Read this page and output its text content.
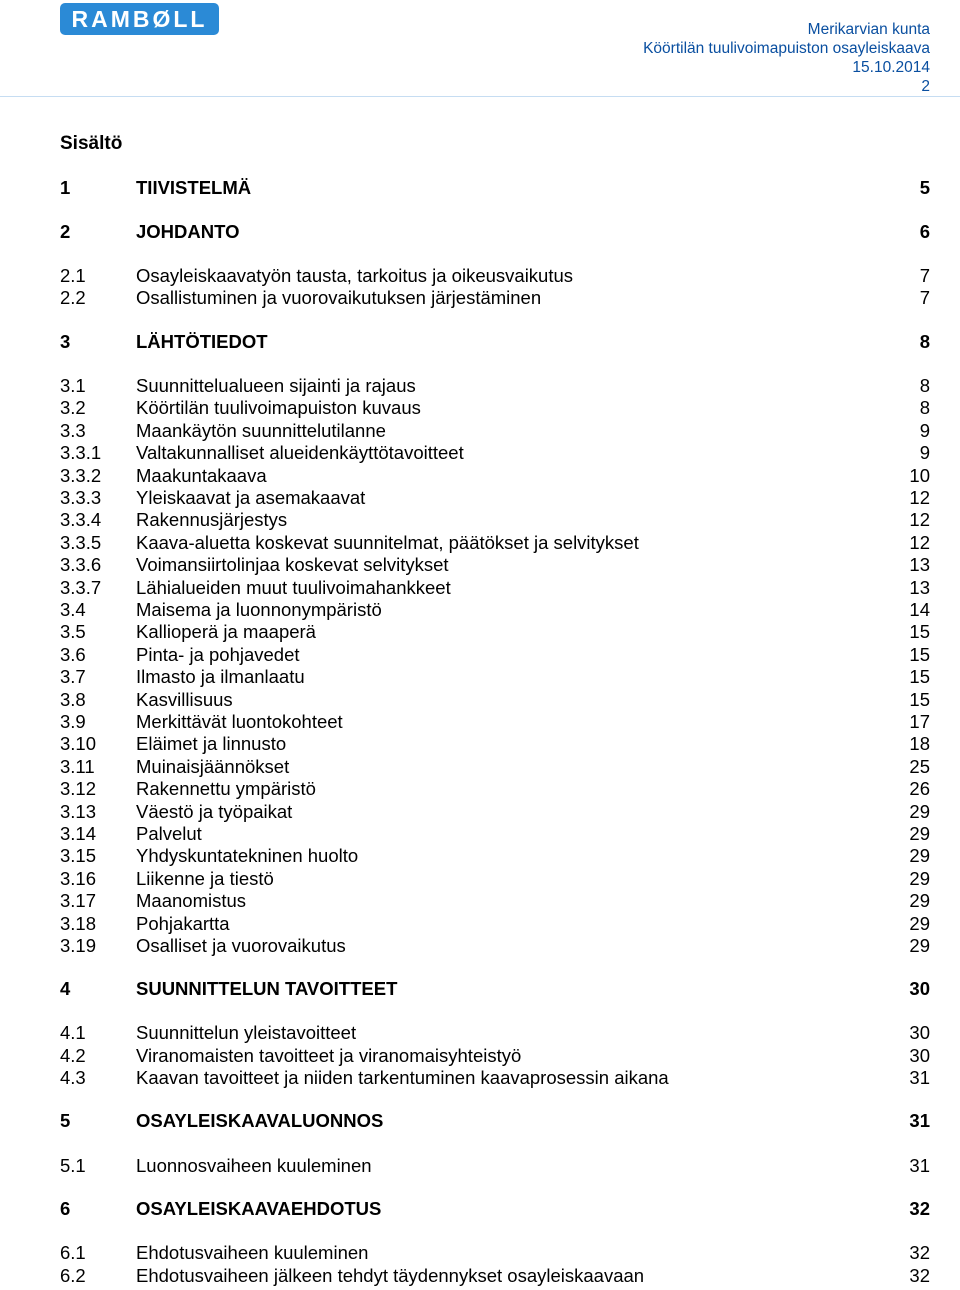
RAMBØLL	Merikarvian kunta
Köörtilän tuulivoimapuiston osayleiskaava
15.10.2014
2
Sisältö
1	TIIVISTELMÄ	5
2	JOHDANTO	6
2.1	Osayleiskaavatyön tausta, tarkoitus ja oikeusvaikutus	7
2.2	Osallistuminen ja vuorovaikutuksen järjestäminen	7
3	LÄHTÖTIEDOT	8
3.1	Suunnittelualueen sijainti ja rajaus	8
3.2	Köörtilän tuulivoimapuiston kuvaus	8
3.3	Maankäytön suunnittelutilanne	9
3.3.1 Valtakunnalliset alueidenkäyttötavoitteet	9
3.3.2 Maakuntakaava	10
3.3.3 Yleiskaavat ja asemakaavat	12
3.3.4 Rakennusjärjestys	12
3.3.5 Kaava-aluetta koskevat suunnitelmat, päätökset ja selvitykset	12
3.3.6 Voimansiirtolinjaa koskevat selvitykset	13
3.3.7 Lähialueiden muut tuulivoimahankkeet	13
3.4	Maisema ja luonnonympäristö	14
3.5	Kallioperä ja maaperä	15
3.6	Pinta- ja pohjavedet	15
3.7	Ilmasto ja ilmanlaatu	15
3.8	Kasvillisuus	15
3.9	Merkittävät luontokohteet	17
3.10 Eläimet ja linnusto	18
3.11 Muinaisjäännökset	25
3.12 Rakennettu ympäristö	26
3.13 Väestö ja työpaikat	29
3.14 Palvelut	29
3.15 Yhdyskuntatekninen huolto	29
3.16 Liikenne ja tiestö	29
3.17 Maanomistus	29
3.18 Pohjakartta	29
3.19 Osalliset ja vuorovaikutus	29
4	SUUNNITTELUN TAVOITTEET	30
4.1	Suunnittelun yleistavoitteet	30
4.2	Viranomaisten tavoitteet ja viranomaisyhteistyö	30
4.3	Kaavan tavoitteet ja niiden tarkentuminen kaavaprosessin aikana	31
5	OSAYLEISKAAVALUONNOS	31
5.1	Luonnosvaiheen kuuleminen	31
6	OSAYLEISKAAVAEHDOTUS	32
6.1	Ehdotusvaiheen kuuleminen	32
6.2	Ehdotusvaiheen jälkeen tehdyt täydennykset osayleiskaavaan	32
